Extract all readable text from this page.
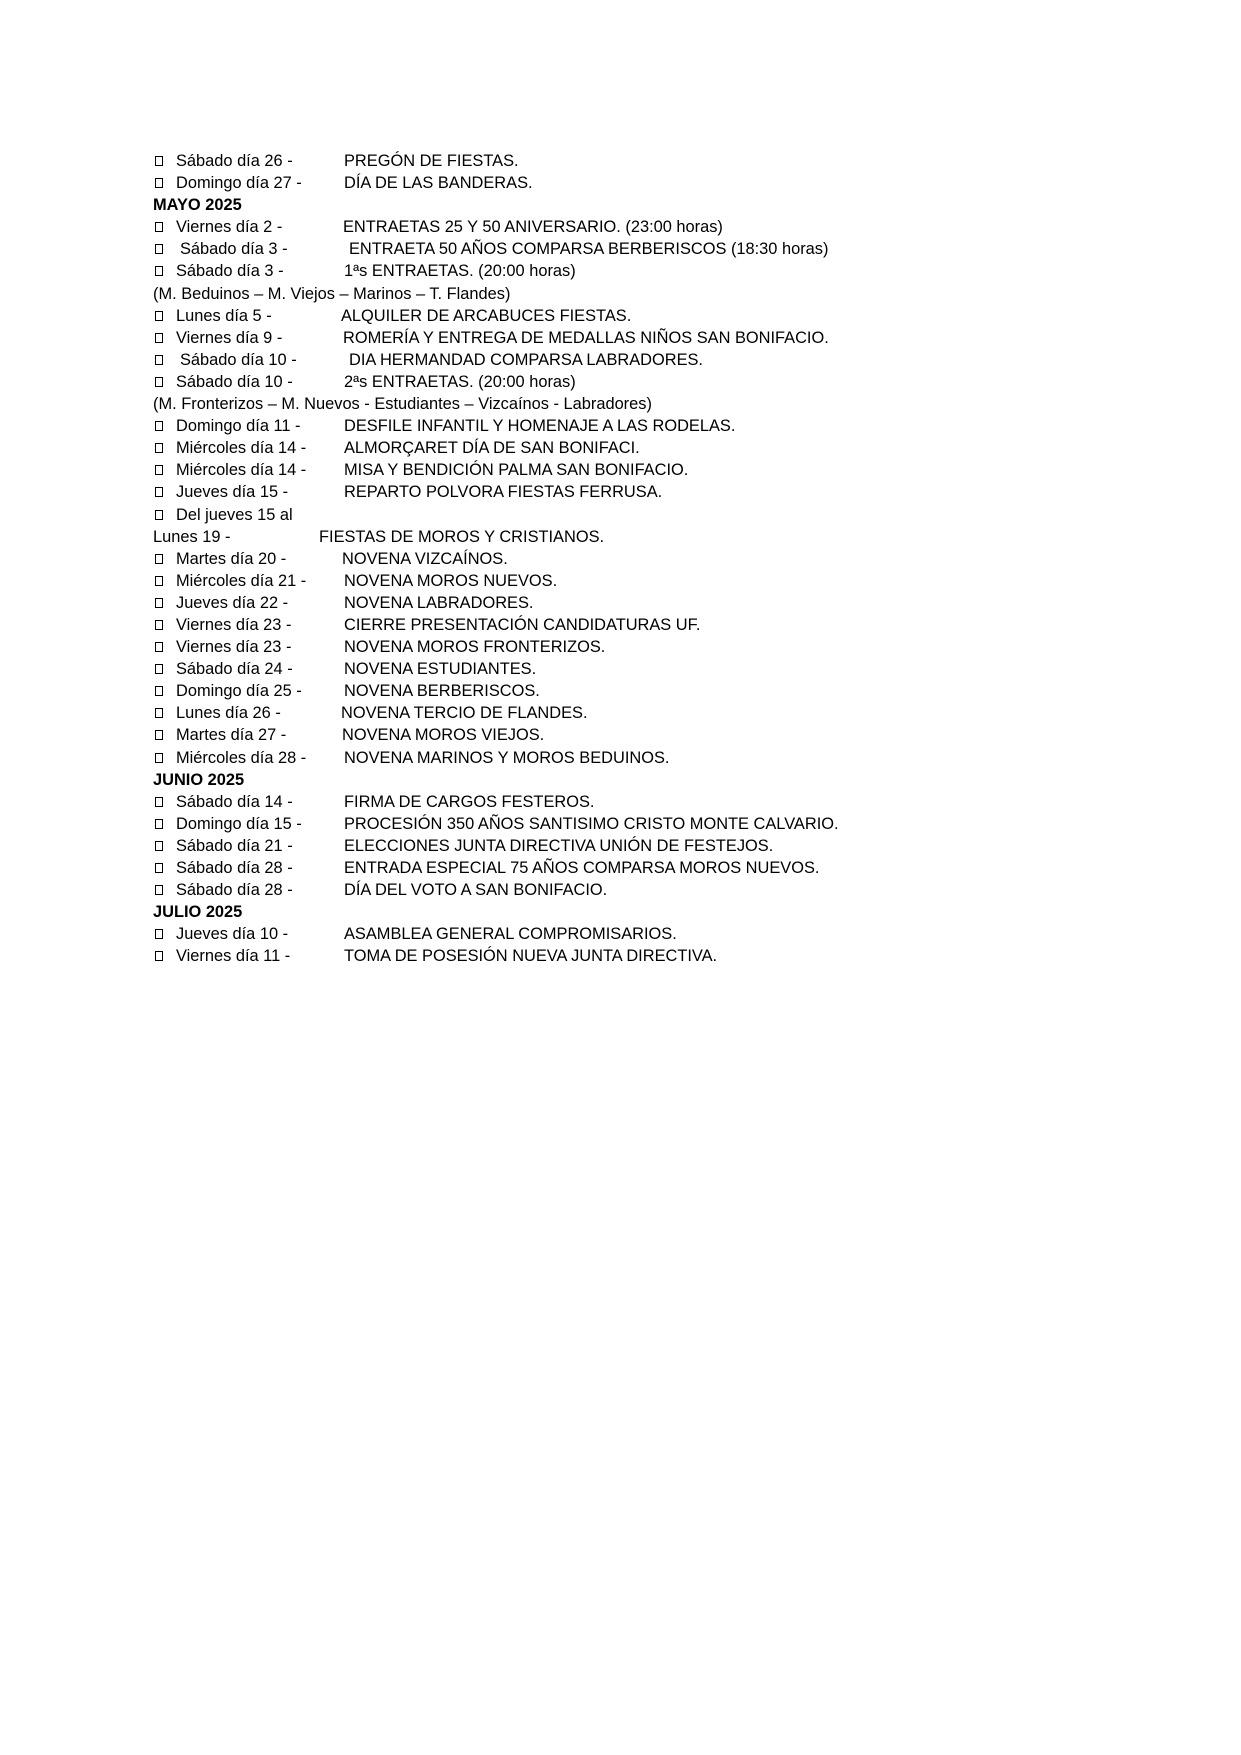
Sábado día 26 -	PREGÓN DE FIESTAS.
Domingo día 27 -	DÍA DE LAS BANDERAS.
MAYO 2025
Viernes día 2 -	ENTRAETAS 25 Y 50 ANIVERSARIO. (23:00 horas)
Sábado día 3 -	ENTRAETA 50 AÑOS COMPARSA BERBERISCOS (18:30 horas)
Sábado día 3 -	1ªs ENTRAETAS. (20:00 horas)
(M. Beduinos – M. Viejos – Marinos – T. Flandes)
Lunes día 5 -	ALQUILER DE ARCABUCES FIESTAS.
Viernes día 9 -	ROMERÍA Y ENTREGA DE MEDALLAS NIÑOS SAN BONIFACIO.
Sábado día 10 -	DIA HERMANDAD COMPARSA LABRADORES.
Sábado día 10 -	2ªs ENTRAETAS. (20:00 horas)
(M. Fronterizos – M. Nuevos - Estudiantes – Vizcaínos - Labradores)
Domingo día 11 -	DESFILE INFANTIL Y HOMENAJE A LAS RODELAS.
Miércoles día 14 - ALMORÇARET DÍA DE SAN BONIFACI.
Miércoles día 14 - MISA Y BENDICIÓN PALMA SAN BONIFACIO.
Jueves día 15 -	REPARTO POLVORA FIESTAS FERRUSA.
Del jueves 15 al
Lunes 19 -	FIESTAS DE MOROS Y CRISTIANOS.
Martes día 20 -	NOVENA VIZCAÍNOS.
Miércoles día 21 - NOVENA MOROS NUEVOS.
Jueves día 22 -	NOVENA LABRADORES.
Viernes día 23 -	CIERRE PRESENTACIÓN CANDIDATURAS UF.
Viernes día 23 -	NOVENA MOROS FRONTERIZOS.
Sábado día 24 -	NOVENA ESTUDIANTES.
Domingo día 25 -	NOVENA BERBERISCOS.
Lunes día 26 -	NOVENA TERCIO DE FLANDES.
Martes día 27 -	NOVENA MOROS VIEJOS.
Miércoles día 28 - NOVENA MARINOS Y MOROS BEDUINOS.
JUNIO 2025
Sábado día 14 -	FIRMA DE CARGOS FESTEROS.
Domingo día 15 -	PROCESIÓN 350 AÑOS SANTISIMO CRISTO MONTE CALVARIO.
Sábado día 21 -	ELECCIONES JUNTA DIRECTIVA UNIÓN DE FESTEJOS.
Sábado día 28 -	ENTRADA ESPECIAL 75 AÑOS COMPARSA MOROS NUEVOS.
Sábado día 28 -	DÍA DEL VOTO A SAN BONIFACIO.
JULIO 2025
Jueves día 10 -	ASAMBLEA GENERAL COMPROMISARIOS.
Viernes día 11 -	TOMA DE POSESIÓN NUEVA JUNTA DIRECTIVA.
